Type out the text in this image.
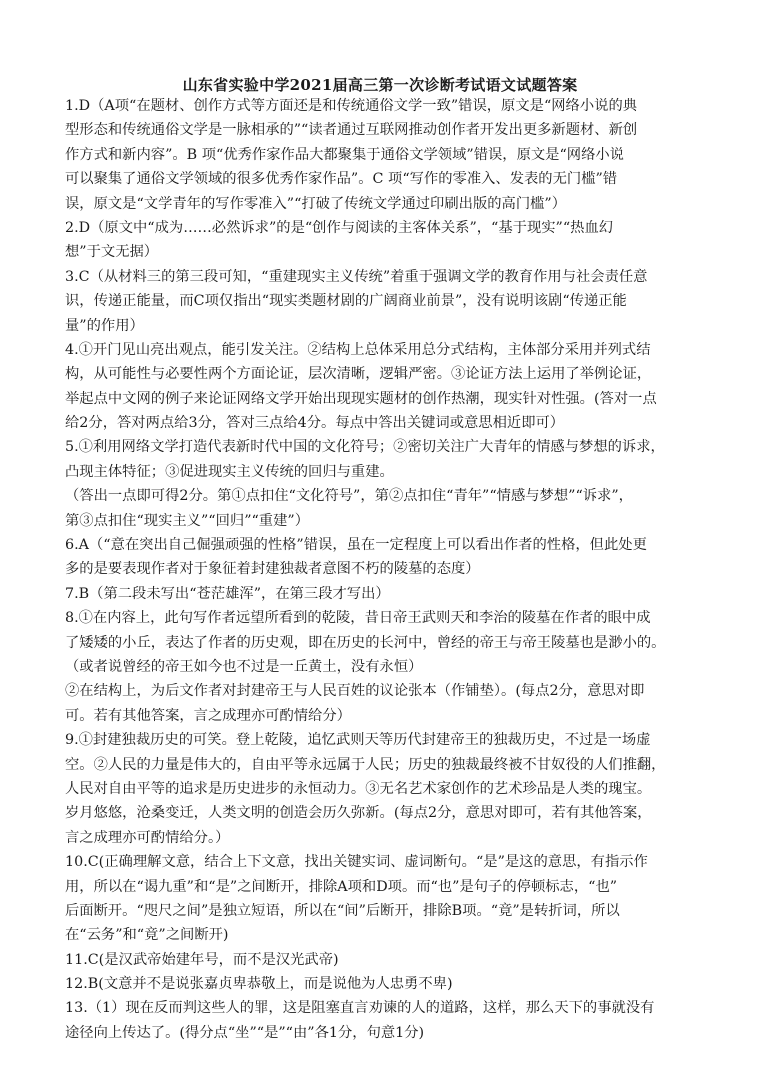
山东省实验中学2021届高三第一次诊断考试语文试题答案
1.D（A项“在题材、创作方式等方面还是和传统通俗文学一致”错误，原文是“网络小说的典
型形态和传统通俗文学是一脉相承的”“读者通过互联网推动创作者开发出更多新题材、新创
作方式和新内容”。B 项“优秀作家作品大都聚集于通俗文学领域”错误，原文是“网络小说
可以聚集了通俗文学领域的很多优秀作家作品”。C 项“写作的零准入、发表的无门槛”错
误，原文是“文学青年的写作零准入”“打破了传统文学通过印刷出版的高门槛”）
2.D（原文中“成为……必然诉求”的是“创作与阅读的主客体关系”，“基于现实”“热血幻
想”于文无据）
3.C（从材料三的第三段可知，“重建现实主义传统”着重于强调文学的教育作用与社会责任意
识，传递正能量，而C项仅指出“现实类题材剧的广阔商业前景”，没有说明该剧“传递正能
量”的作用）
4.①开门见山亮出观点，能引发关注。②结构上总体采用总分式结构，主体部分采用并列式结
构，从可能性与必要性两个方面论证，层次清晰，逻辑严密。③论证方法上运用了举例论证，
举起点中文网的例子来论证网络文学开始出现现实题材的创作热潮，现实针对性强。(答对一点
给2分，答对两点给3分，答对三点给4分。每点中答出关键词或意思相近即可）
5.①利用网络文学打造代表新时代中国的文化符号；②密切关注广大青年的情感与梦想的诉求，
凸现主体特征；③促进现实主义传统的回归与重建。
（答出一点即可得2分。第①点扣住“文化符号”，第②点扣住“青年”“情感与梦想”“诉求”，
第③点扣住“现实主义”“回归”“重建”）
6.A（“意在突出自己倔强顽强的性格”错误，虽在一定程度上可以看出作者的性格，但此处更
多的是要表现作者对于象征着封建独裁者意图不朽的陵墓的态度）
7.B（第二段未写出“苍茫雄浑”，在第三段才写出）
8.①在内容上，此句写作者远望所看到的乾陵，昔日帝王武则天和李治的陵墓在作者的眼中成
了矮矮的小丘，表达了作者的历史观，即在历史的长河中，曾经的帝王与帝王陵墓也是渺小的。
（或者说曾经的帝王如今也不过是一丘黄土，没有永恒）
②在结构上，为后文作者对封建帝王与人民百姓的议论张本（作铺垫）。(每点2分，意思对即
可。若有其他答案，言之成理亦可酌情给分）
9.①封建独裁历史的可笑。登上乾陵，追忆武则天等历代封建帝王的独裁历史，不过是一场虚
空。②人民的力量是伟大的，自由平等永远属于人民；历史的独裁最终被不甘奴役的人们推翻，
人民对自由平等的追求是历史进步的永恒动力。③无名艺术家创作的艺术珍品是人类的瑰宝。
岁月悠悠，沧桑变迁，人类文明的创造会历久弥新。(每点2分，意思对即可，若有其他答案，
言之成理亦可酌情给分。）
10.C(正确理解文意，结合上下文意，找出关键实词、虚词断句。“是”是这的意思，有指示作
用，所以在“谒九重”和“是”之间断开，排除A项和D项。而“也”是句子的停顿标志，“也”
后面断开。“咫尺之间”是独立短语，所以在“间”后断开，排除B项。“竟”是转折词，所以
在“云务”和“竟”之间断开)
11.C(是汉武帝始建年号，而不是汉光武帝)
12.B(文意并不是说张嘉贞卑恭敬上，而是说他为人忠勇不卑)
13.（1）现在反而判这些人的罪，这是阻塞直言劝谏的人的道路，这样，那么天下的事就没有
途径向上传达了。(得分点“坐”“是”“由”各1分，句意1分)
